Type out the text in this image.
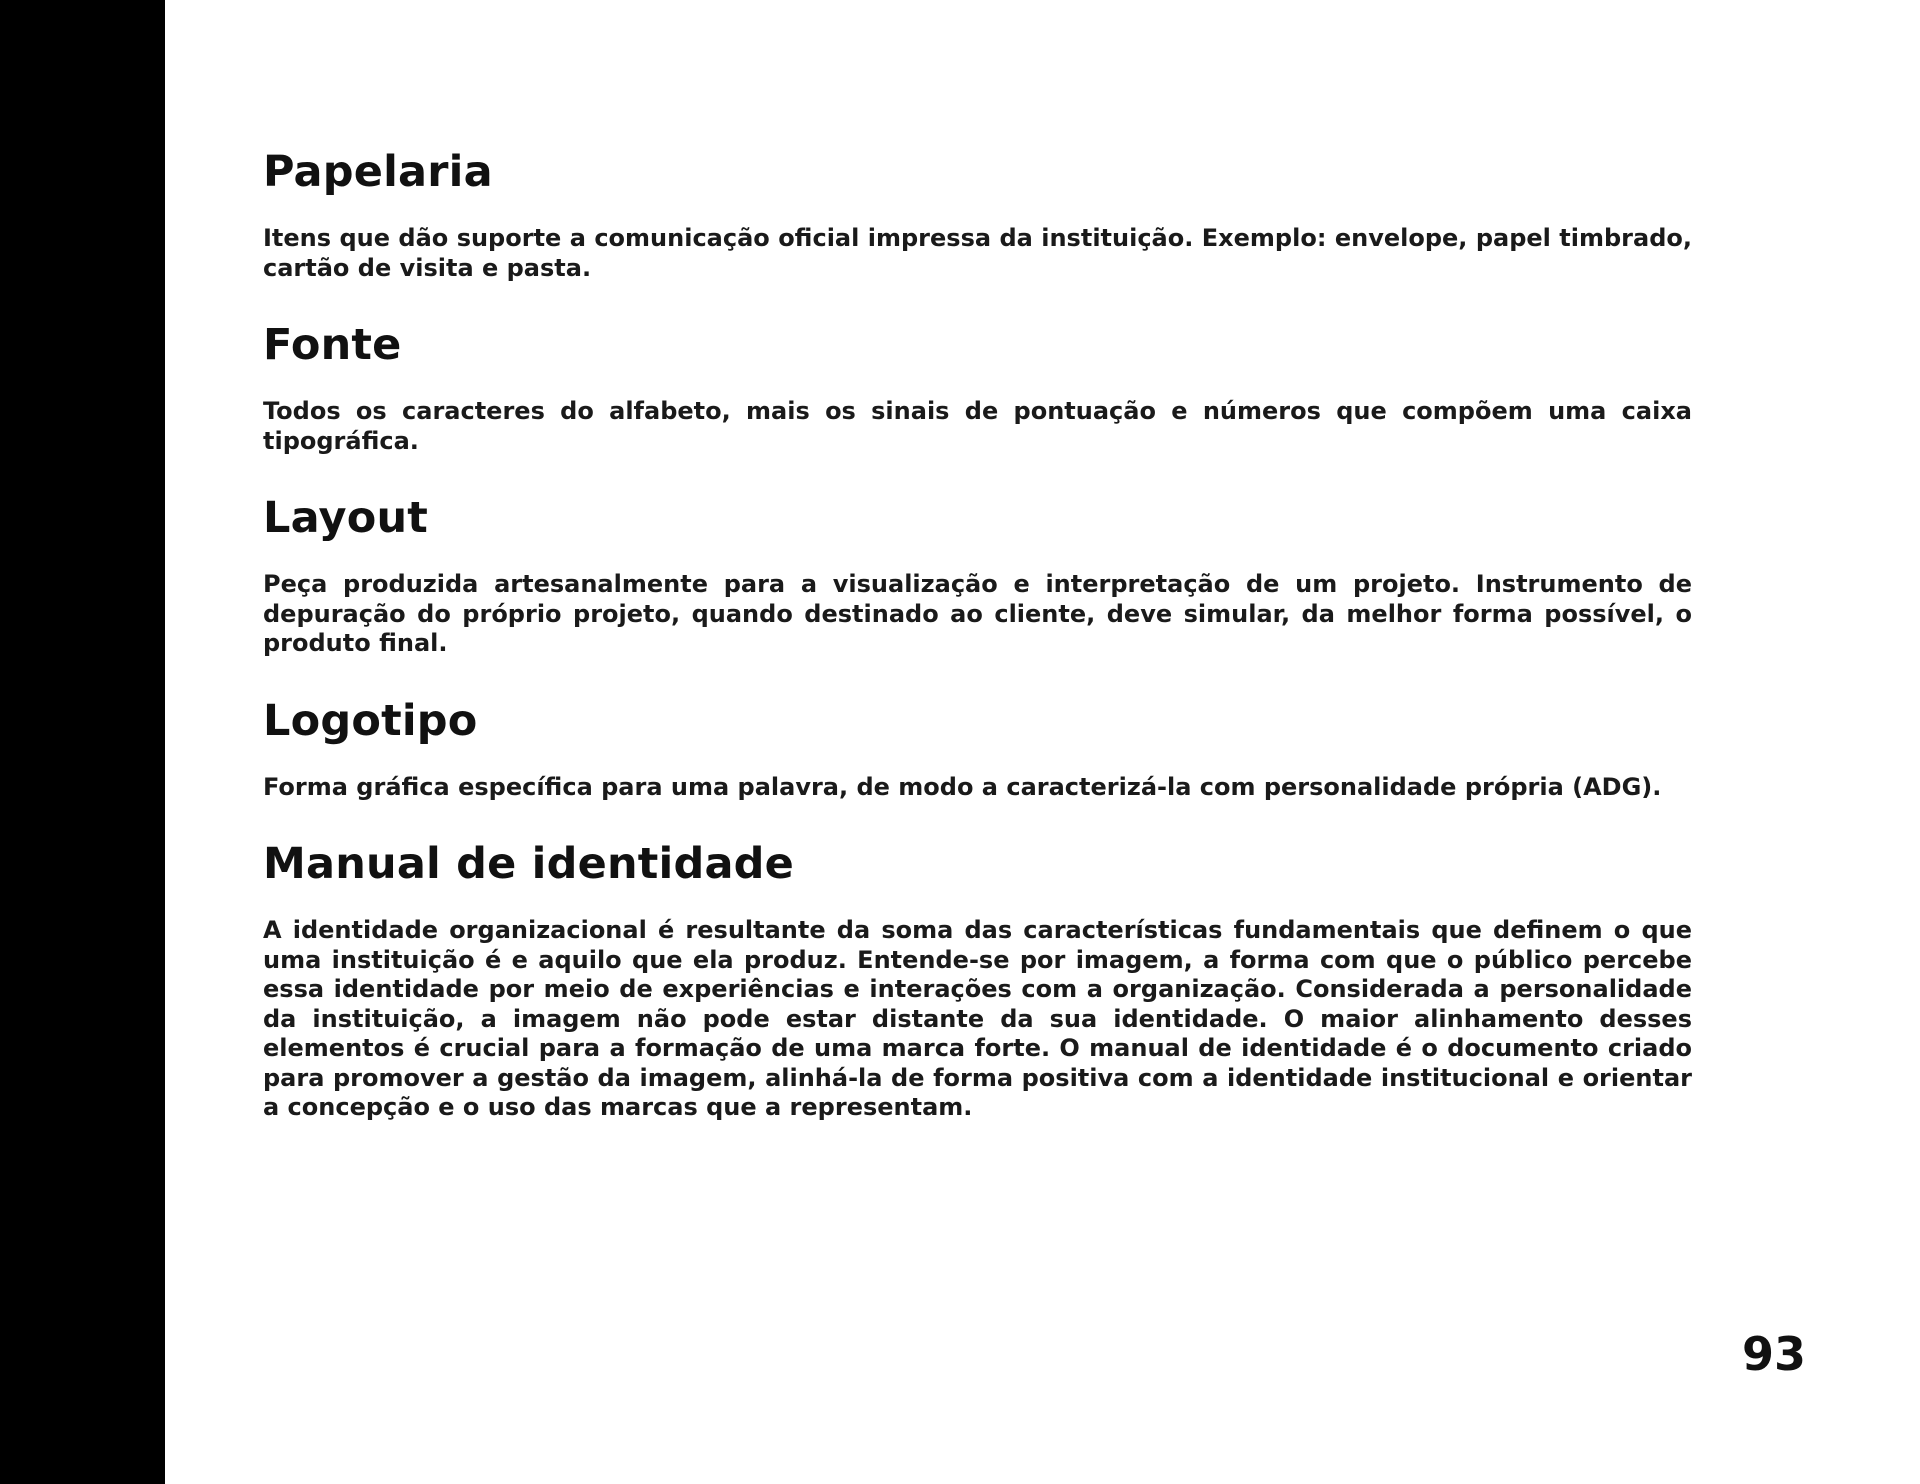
Papelaria

Itens que dão suporte a comunicação oficial impressa da instituição. Exemplo: envelope, papel timbrado, cartão de visita e pasta.

Fonte

Todos os caracteres do alfabeto, mais os sinais de pontuação e números que compõem uma caixa tipográfica.

Layout

Peça produzida artesanalmente para a visualização e interpretação de um projeto. Instrumento de depuração do próprio projeto, quando destinado ao cliente, deve simular, da melhor forma possível, o produto final.

Logotipo

Forma gráfica específica para uma palavra, de modo a caracterizá-la com personalidade própria (ADG).

Manual de identidade

A identidade organizacional é resultante da soma das características fundamentais que definem o que uma instituição é e aquilo que ela produz. Entende-se por imagem, a forma com que o público percebe essa identidade por meio de experiências e interações com a organização. Considerada a personalidade da instituição, a imagem não pode estar distante da sua identidade. O maior alinhamento desses elementos é crucial para a formação de uma marca forte. O manual de identidade é o documento criado para promover a gestão da imagem, alinhá-la de forma positiva com a identidade institucional e orientar a concepção e o uso das marcas que a representam.

93
